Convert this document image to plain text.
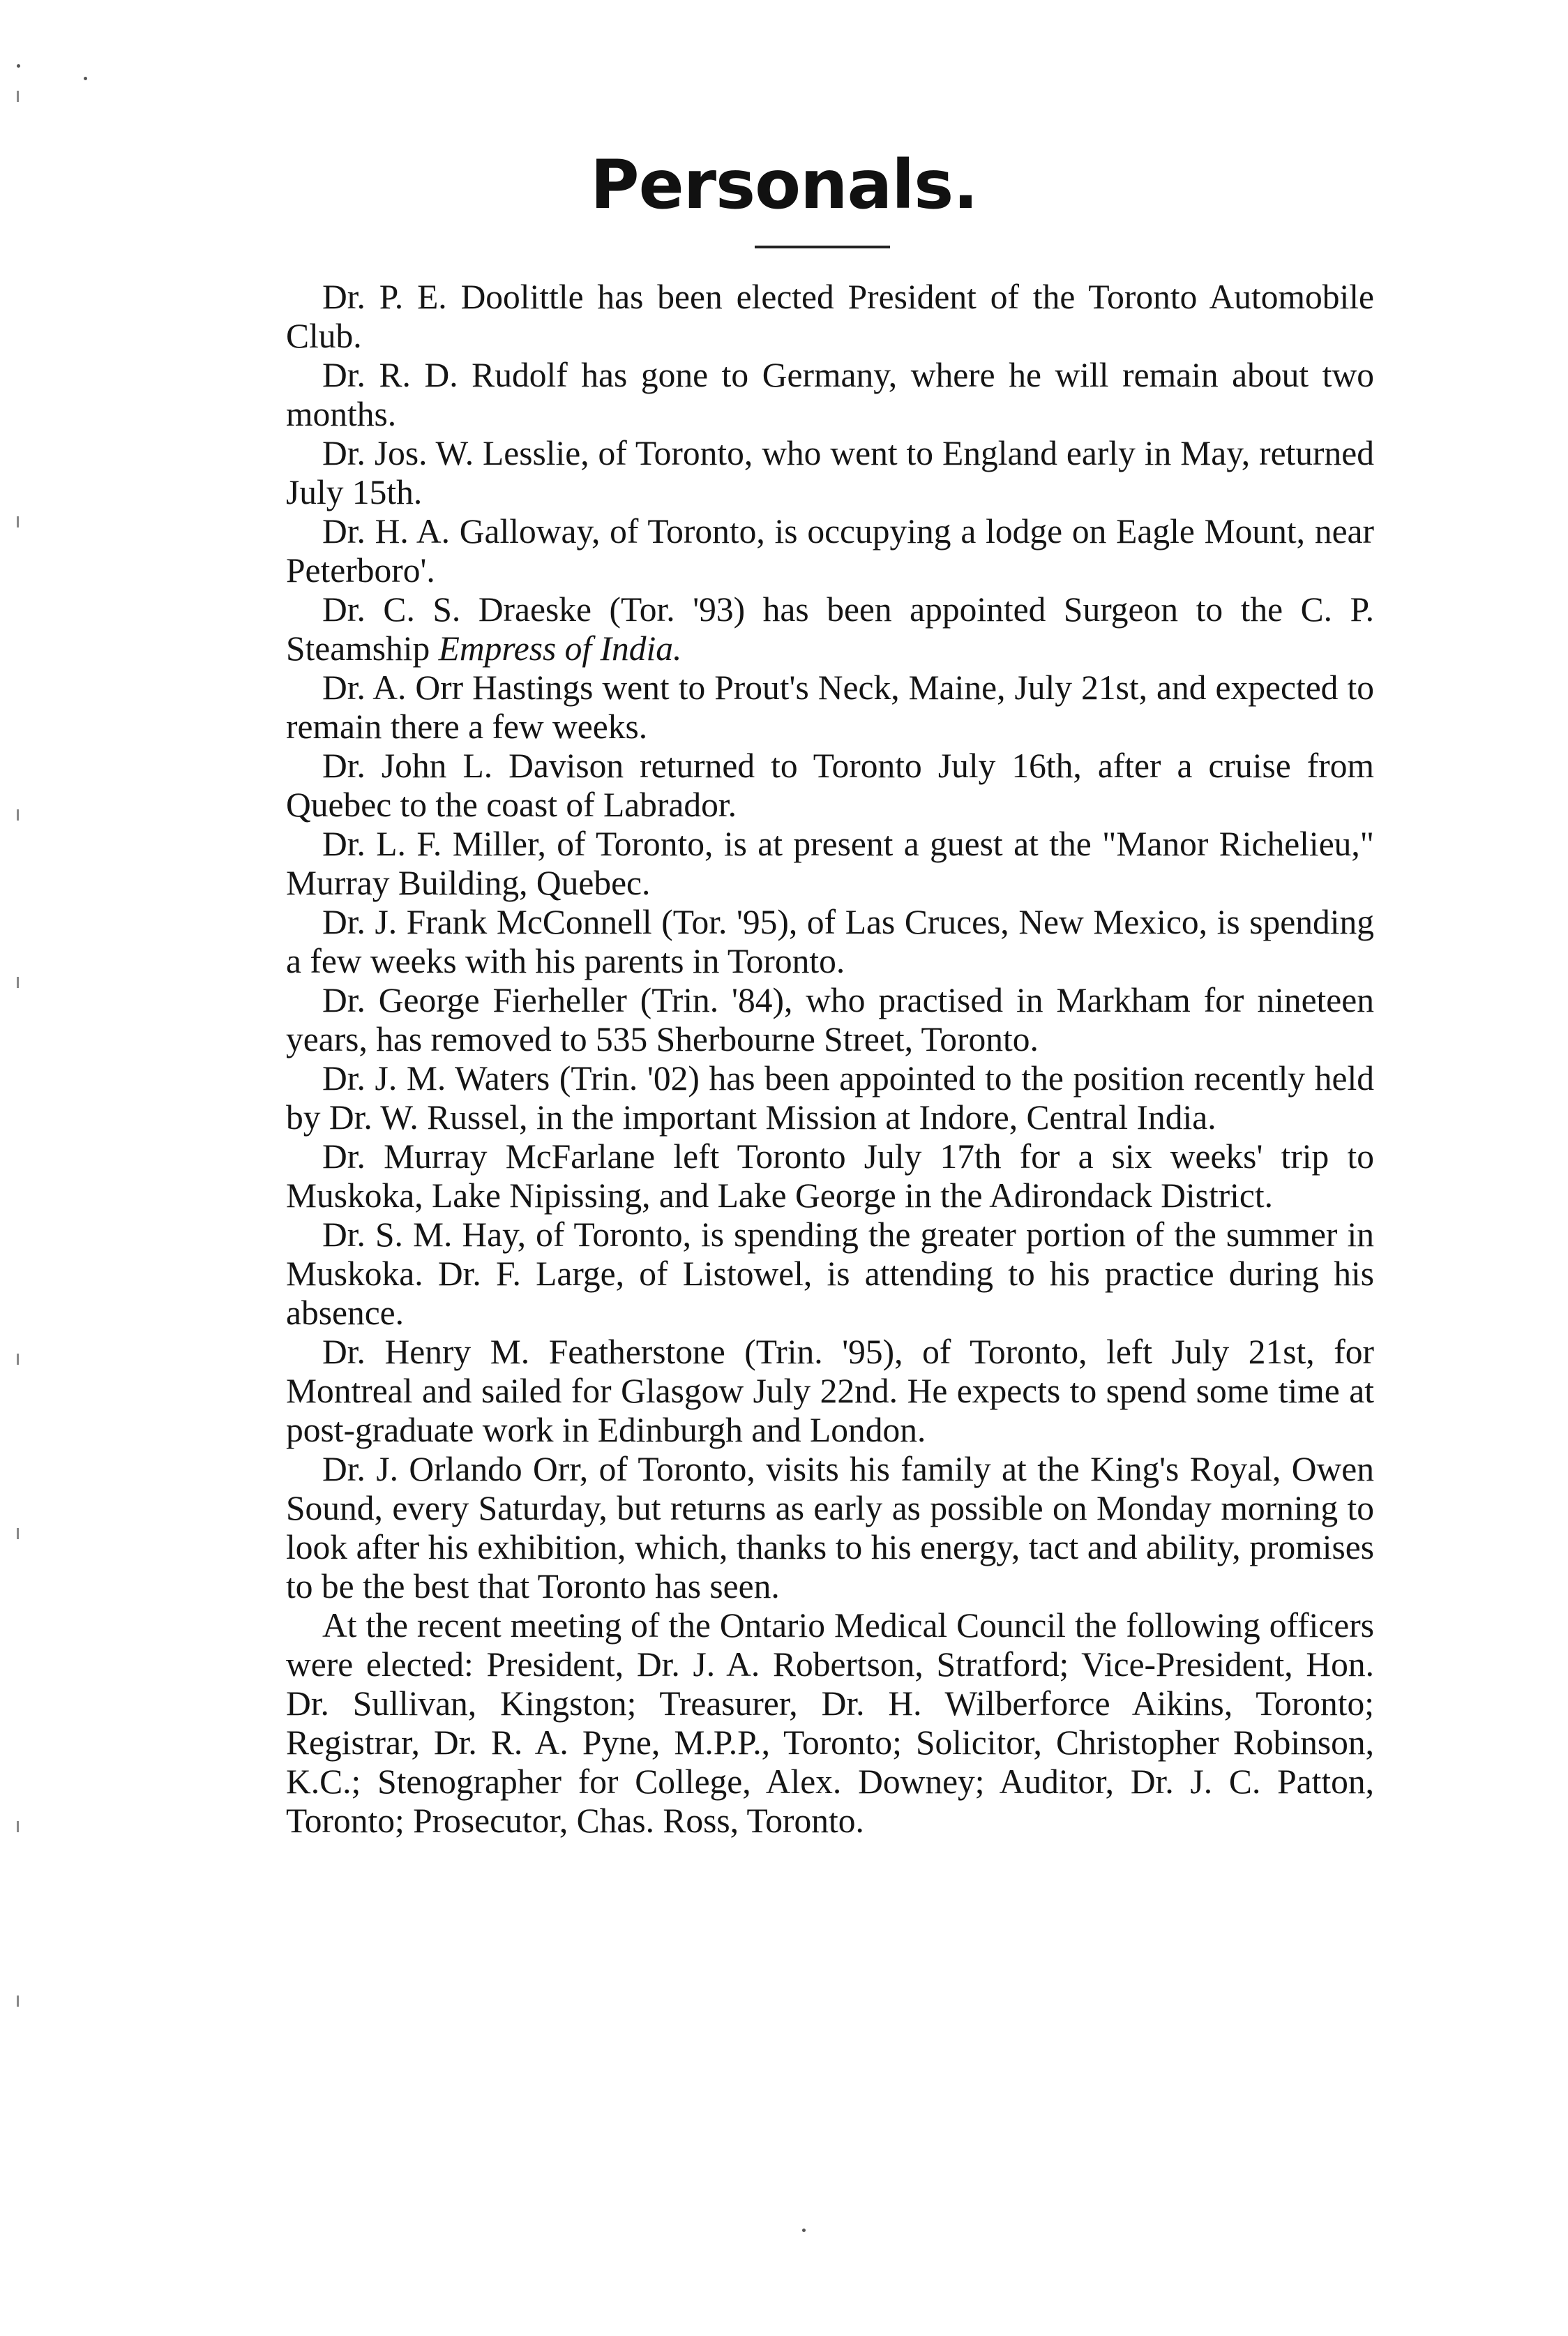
Personals.

Dr. P. E. Doolittle has been elected President of the Toronto Automobile Club.

Dr. R. D. Rudolf has gone to Germany, where he will remain about two months.

Dr. Jos. W. Lesslie, of Toronto, who went to England early in May, returned July 15th.

Dr. H. A. Galloway, of Toronto, is occupying a lodge on Eagle Mount, near Peterboro'.

Dr. C. S. Draeske (Tor. '93) has been appointed Surgeon to the C. P. Steamship Empress of India.

Dr. A. Orr Hastings went to Prout's Neck, Maine, July 21st, and expected to remain there a few weeks.

Dr. John L. Davison returned to Toronto July 16th, after a cruise from Quebec to the coast of Labrador.

Dr. L. F. Miller, of Toronto, is at present a guest at the "Manor Richelieu," Murray Building, Quebec.

Dr. J. Frank McConnell (Tor. '95), of Las Cruces, New Mexico, is spending a few weeks with his parents in Toronto.

Dr. George Fierheller (Trin. '84), who practised in Markham for nineteen years, has removed to 535 Sherbourne Street, Toronto.

Dr. J. M. Waters (Trin. '02) has been appointed to the position recently held by Dr. W. Russel, in the important Mission at Indore, Central India.

Dr. Murray McFarlane left Toronto July 17th for a six weeks' trip to Muskoka, Lake Nipissing, and Lake George in the Adirondack District.

Dr. S. M. Hay, of Toronto, is spending the greater portion of the summer in Muskoka. Dr. F. Large, of Listowel, is attending to his practice during his absence.

Dr. Henry M. Featherstone (Trin. '95), of Toronto, left July 21st, for Montreal and sailed for Glasgow July 22nd. He expects to spend some time at post-graduate work in Edinburgh and London.

Dr. J. Orlando Orr, of Toronto, visits his family at the King's Royal, Owen Sound, every Saturday, but returns as early as possible on Monday morning to look after his exhibition, which, thanks to his energy, tact and ability, promises to be the best that Toronto has seen.

At the recent meeting of the Ontario Medical Council the following officers were elected: President, Dr. J. A. Robertson, Stratford; Vice-President, Hon. Dr. Sullivan, Kingston; Treasurer, Dr. H. Wilberforce Aikins, Toronto; Registrar, Dr. R. A. Pyne, M.P.P., Toronto; Solicitor, Christopher Robinson, K.C.; Stenographer for College, Alex. Downey; Auditor, Dr. J. C. Patton, Toronto; Prosecutor, Chas. Ross, Toronto.
